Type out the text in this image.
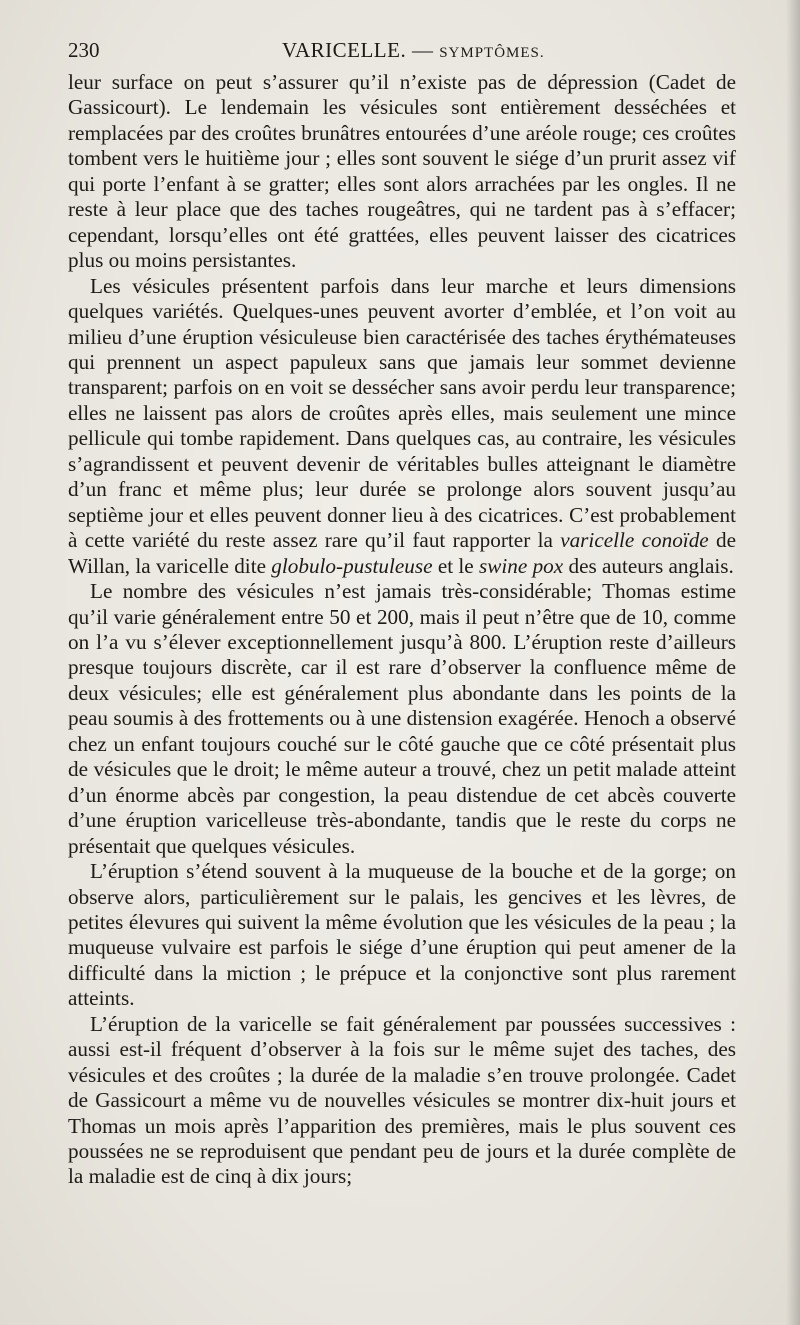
230	VARICELLE. — SYMPTÔMES.

leur surface on peut s’assurer qu’il n’existe pas de dépression (Cadet de Gassicourt). Le lendemain les vésicules sont entièrement desséchées et remplacées par des croûtes brunâtres entourées d’une aréole rouge; ces croûtes tombent vers le huitième jour ; elles sont souvent le siége d’un prurit assez vif qui porte l’enfant à se gratter; elles sont alors arrachées par les ongles. Il ne reste à leur place que des taches rougeâtres, qui ne tardent pas à s’effacer; cependant, lorsqu’elles ont été grattées, elles peuvent laisser des cicatrices plus ou moins persistantes.

Les vésicules présentent parfois dans leur marche et leurs dimensions quelques variétés. Quelques-unes peuvent avorter d’emblée, et l’on voit au milieu d’une éruption vésiculeuse bien caractérisée des taches érythémateuses qui prennent un aspect papuleux sans que jamais leur sommet devienne transparent; parfois on en voit se dessécher sans avoir perdu leur transparence; elles ne laissent pas alors de croûtes après elles, mais seulement une mince pellicule qui tombe rapidement. Dans quelques cas, au contraire, les vésicules s’agrandissent et peuvent devenir de véritables bulles atteignant le diamètre d’un franc et même plus; leur durée se prolonge alors souvent jusqu’au septième jour et elles peuvent donner lieu à des cicatrices. C’est probablement à cette variété du reste assez rare qu’il faut rapporter la varicelle conoïde de Willan, la varicelle dite globulo-pustuleuse et le swine pox des auteurs anglais.

Le nombre des vésicules n’est jamais très-considérable; Thomas estime qu’il varie généralement entre 50 et 200, mais il peut n’être que de 10, comme on l’a vu s’élever exceptionnellement jusqu’à 800. L’éruption reste d’ailleurs presque toujours discrète, car il est rare d’observer la confluence même de deux vésicules; elle est généralement plus abondante dans les points de la peau soumis à des frottements ou à une distension exagérée. Henoch a observé chez un enfant toujours couché sur le côté gauche que ce côté présentait plus de vésicules que le droit; le même auteur a trouvé, chez un petit malade atteint d’un énorme abcès par congestion, la peau distendue de cet abcès couverte d’une éruption varicelleuse très-abondante, tandis que le reste du corps ne présentait que quelques vésicules.

L’éruption s’étend souvent à la muqueuse de la bouche et de la gorge; on observe alors, particulièrement sur le palais, les gencives et les lèvres, de petites élevures qui suivent la même évolution que les vésicules de la peau ; la muqueuse vulvaire est parfois le siége d’une éruption qui peut amener de la difficulté dans la miction ; le prépuce et la conjonctive sont plus rarement atteints.

L’éruption de la varicelle se fait généralement par poussées successives : aussi est-il fréquent d’observer à la fois sur le même sujet des taches, des vésicules et des croûtes ; la durée de la maladie s’en trouve prolongée. Cadet de Gassicourt a même vu de nouvelles vésicules se montrer dix-huit jours et Thomas un mois après l’apparition des premières, mais le plus souvent ces poussées ne se reproduisent que pendant peu de jours et la durée complète de la maladie est de cinq à dix jours;
